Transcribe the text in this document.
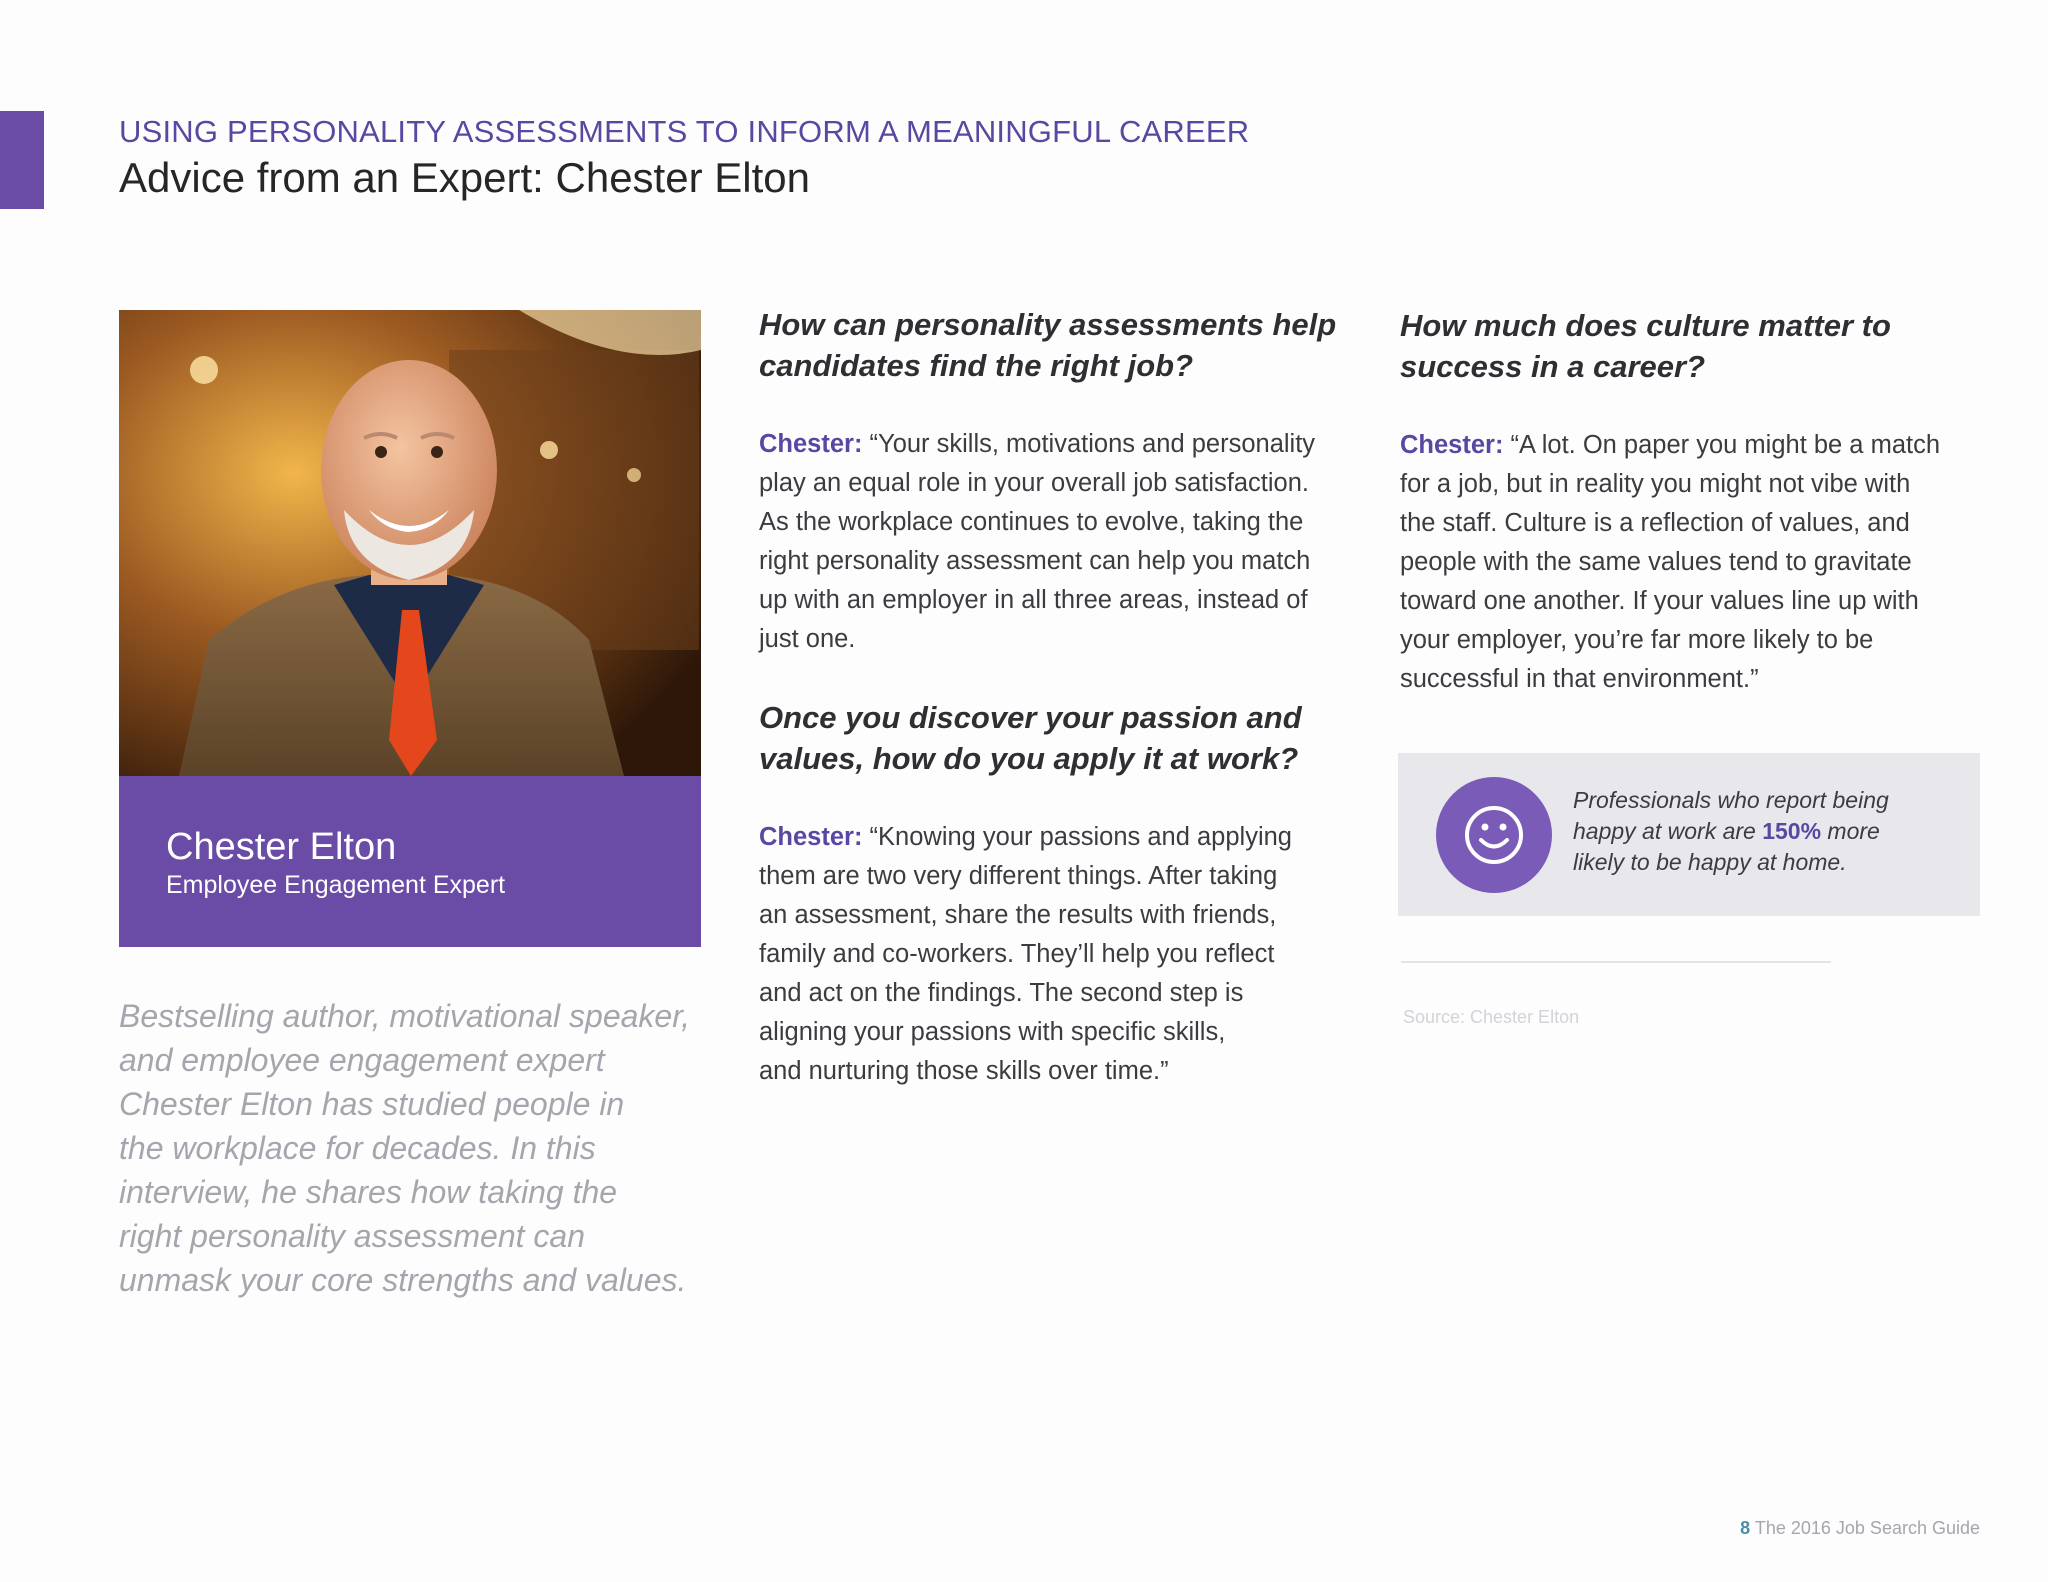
USING PERSONALITY ASSESSMENTS TO INFORM A MEANINGFUL CAREER
Advice from an Expert: Chester Elton
Chester Elton
Employee Engagement Expert
Bestselling author, motivational speaker,
and employee engagement expert
Chester Elton has studied people in
the workplace for decades. In this
interview, he shares how taking the
right personality assessment can
unmask your core strengths and values.
How can personality assessments help
candidates find the right job?
Chester: “Your skills, motivations and personality
play an equal role in your overall job satisfaction.
As the workplace continues to evolve, taking the
right personality assessment can help you match
up with an employer in all three areas, instead of
just one.
Once you discover your passion and
values, how do you apply it at work?
Chester: “Knowing your passions and applying
them are two very different things. After taking
an assessment, share the results with friends,
family and co-workers. They’ll help you reflect
and act on the findings. The second step is
aligning your passions with specific skills,
and nurturing those skills over time.”
How much does culture matter to
success in a career?
Chester: “A lot. On paper you might be a match
for a job, but in reality you might not vibe with
the staff. Culture is a reflection of values, and
people with the same values tend to gravitate
toward one another. If your values line up with
your employer, you’re far more likely to be
successful in that environment.”
Professionals who report being
happy at work are 150% more
likely to be happy at home.
Source: Chester Elton
8 The 2016 Job Search Guide
